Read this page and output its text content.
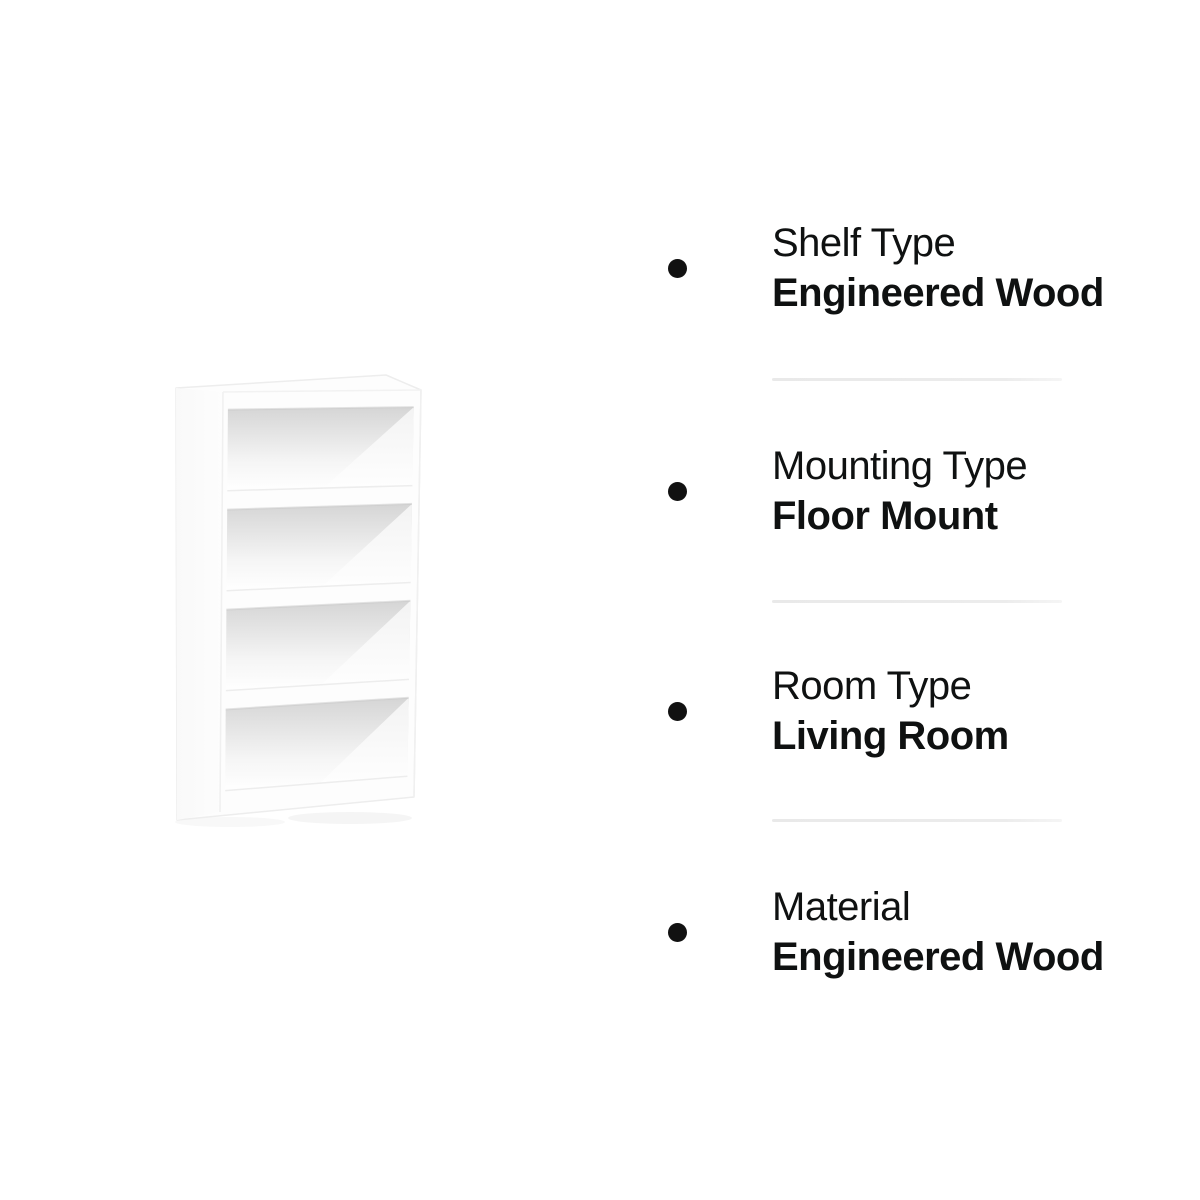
Shelf Type
Engineered Wood
Mounting Type
Floor Mount
Room Type
Living Room
Material
Engineered Wood
